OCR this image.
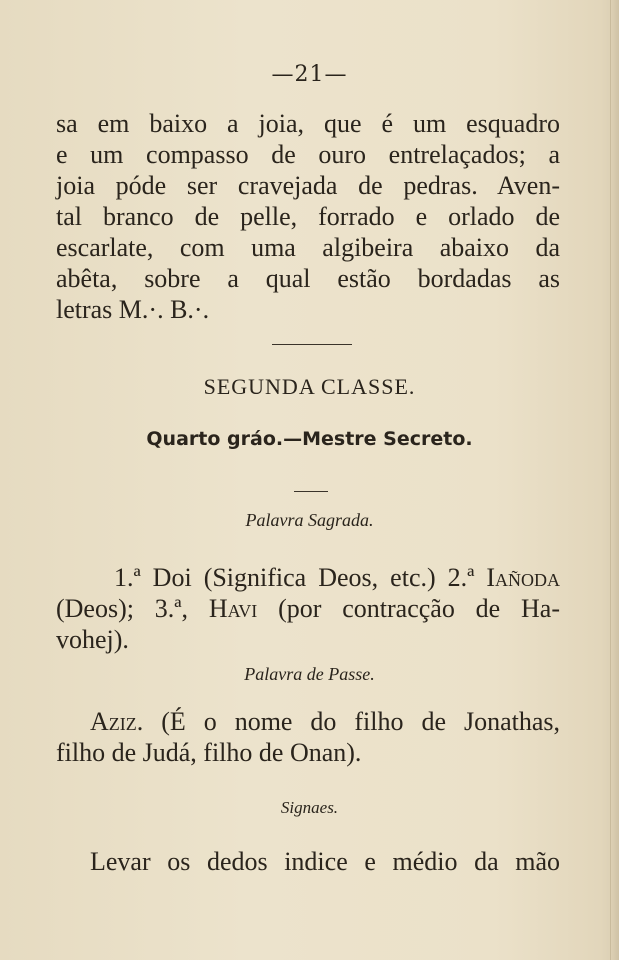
—21—
sa em baixo a joia, que é um esquadro
e um compasso de ouro entrelaçados; a
joia póde ser cravejada de pedras. Aven-
tal branco de pelle, forrado e orlado de
escarlate, com uma algibeira abaixo da
abêta, sobre a qual estão bordadas as
letras M.·. B.·.
SEGUNDA CLASSE.
Quarto gráo.—Mestre Secreto.
Palavra Sagrada.
1.ª Doi (Significa Deos, etc.) 2.ª Iañoda
(Deos); 3.ª, Havi (por contracção de Ha-
vohej).
Palavra de Passe.
Aziz. (É o nome do filho de Jonathas,
filho de Judá, filho de Onan).
Signaes.
Levar os dedos indice e médio da mão
